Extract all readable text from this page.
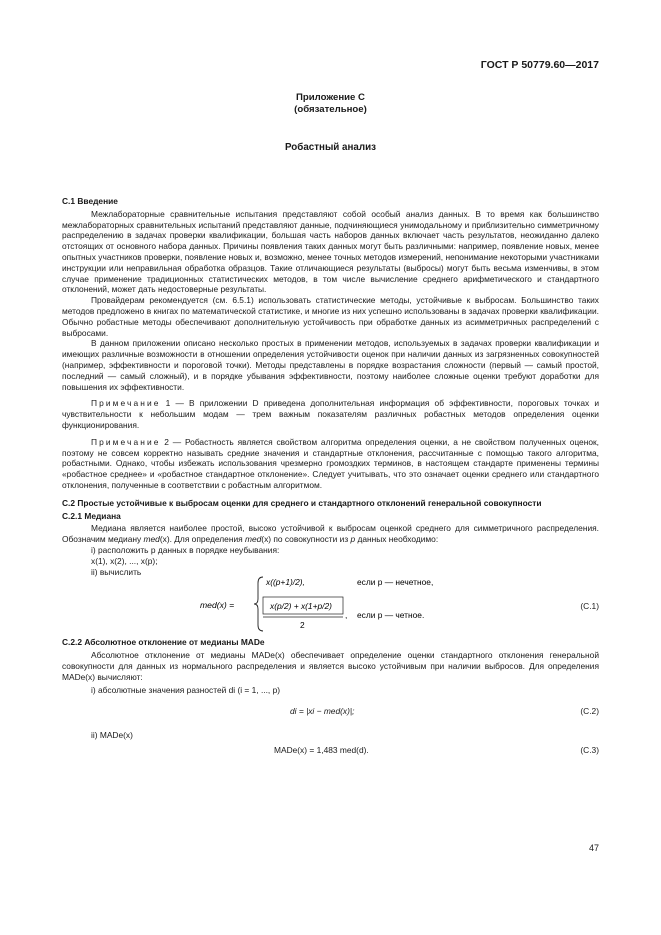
ГОСТ Р 50779.60—2017
Приложение С
(обязательное)
Робастный анализ
С.1 Введение

Межлабораторные сравнительные испытания представляют собой особый анализ данных. В то время как большинство межлабораторных сравнительных испытаний представляют данные, подчиняющиеся унимодальному и приблизительно симметричному распределению в задачах проверки квалификации, большая часть наборов данных включает часть результатов, неожиданно далеко отстоящих от основного набора данных. Причины появления таких данных могут быть различными: например, появление новых, менее опытных участников проверки, появление новых и, возможно, менее точных методов измерений, непонимание некоторыми участниками инструкции или неправильная обработка образцов. Такие отличающиеся результаты (выбросы) могут быть весьма изменчивы, в этом случае применение традиционных статистических методов, в том числе вычисление среднего арифметического и стандартного отклонений, может дать недостоверные результаты.

Провайдерам рекомендуется (см. 6.5.1) использовать статистические методы, устойчивые к выбросам. Большинство таких методов предложено в книгах по математической статистике, и многие из них успешно использованы в задачах проверки квалификации. Обычно робастные методы обеспечивают дополнительную устойчивость при обработке данных из асимметричных распределений с выбросами.

В данном приложении описано несколько простых в применении методов, используемых в задачах проверки квалификации и имеющих различные возможности в отношении определения устойчивости оценок при наличии данных из загрязненных совокупностей (например, эффективности и пороговой точки). Методы представлены в порядке возрастания сложности (первый — самый простой, последний — самый сложный), и в порядке убывания эффективности, поэтому наиболее сложные оценки требуют доработки для повышения их эффективности.

Примечание 1 — В приложении D приведена дополнительная информация об эффективности, пороговых точках и чувствительности к небольшим модам — трем важным показателям различных робастных методов определения оценки функционирования.

Примечание 2 — Робастность является свойством алгоритма определения оценки, а не свойством полученных оценок, поэтому не совсем корректно называть средние значения и стандартные отклонения, рассчитанные с помощью такого алгоритма, робастными. Однако, чтобы избежать использования чрезмерно громоздких терминов, в настоящем стандарте применены термины «робастное среднее» и «робастное стандартное отклонение». Следует учитывать, что это означает оценки среднего или стандартного отклонения, полученные в соответствии с робастным алгоритмом.

С.2 Простые устойчивые к выбросам оценки для среднего и стандартного отклонений генеральной совокупности
С.2.1 Медиана

Медиана является наиболее простой, высоко устойчивой к выбросам оценкой среднего для симметричного распределения. Обозначим медиану med(x). Для определения med(x) по совокупности из p данных необходимо:

i) расположить p данных в порядке неубывания:

x(1), x(2), ..., x(p);

ii) вычислить

med(x) =
x((p+1)/2),	если p — нечетное,
x(p/2) + x(1+p/2)
2
, если p — четное.
(С.1)
С.2.2 Абсолютное отклонение от медианы MADe

Абсолютное отклонение от медианы MADe(x) обеспечивает определение оценки стандартного отклонения генеральной совокупности для данных из нормального распределения и является высоко устойчивым при наличии выбросов. Для определения MADe(x) вычисляют:

i) абсолютные значения разностей di (i = 1, ..., p)

di = |xi − med(x)|;	(С.2)

ii) MADe(x)

MADe(x) = 1,483 med(d).	(С.3)
47
